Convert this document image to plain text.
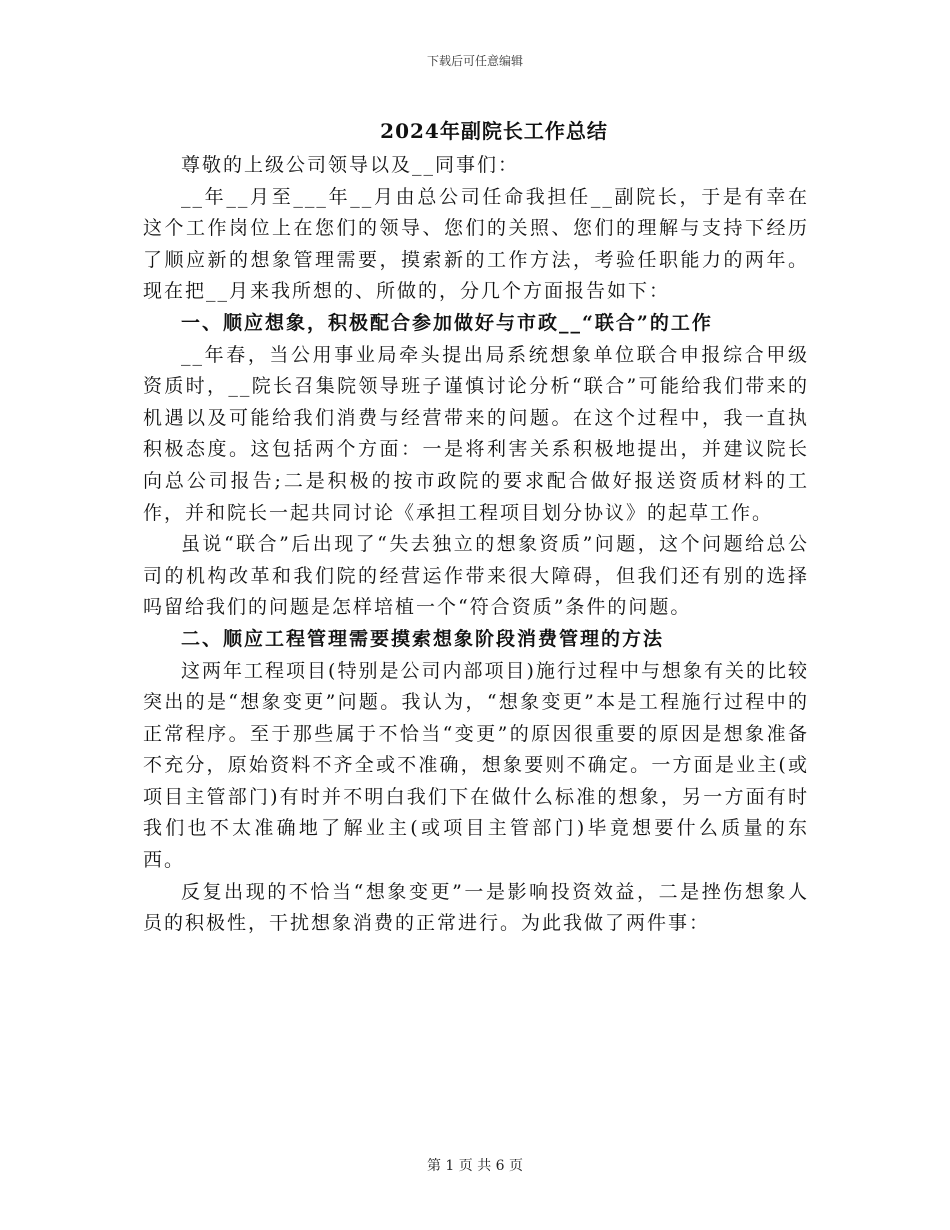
下载后可任意编辑
2024年副院长工作总结

尊敬的上级公司领导以及__同事们：

__年__月至___年__月由总公司任命我担任__副院长，于是有幸在这个工作岗位上在您们的领导、您们的关照、您们的理解与支持下经历了顺应新的想象管理需要，摸索新的工作方法，考验任职能力的两年。现在把__月来我所想的、所做的，分几个方面报告如下：

一、顺应想象，积极配合参加做好与市政__“联合”的工作

__年春，当公用事业局牵头提出局系统想象单位联合申报综合甲级资质时，__院长召集院领导班子谨慎讨论分析“联合”可能给我们带来的机遇以及可能给我们消费与经营带来的问题。在这个过程中，我一直执积极态度。这包括两个方面：一是将利害关系积极地提出，并建议院长向总公司报告;二是积极的按市政院的要求配合做好报送资质材料的工作，并和院长一起共同讨论《承担工程项目划分协议》的起草工作。

虽说“联合”后出现了“失去独立的想象资质”问题，这个问题给总公司的机构改革和我们院的经营运作带来很大障碍，但我们还有别的选择吗留给我们的问题是怎样培植一个“符合资质”条件的问题。

二、顺应工程管理需要摸索想象阶段消费管理的方法

这两年工程项目(特别是公司内部项目)施行过程中与想象有关的比较突出的是“想象变更”问题。我认为，“想象变更”本是工程施行过程中的正常程序。至于那些属于不恰当“变更”的原因很重要的原因是想象准备不充分，原始资料不齐全或不准确，想象要则不确定。一方面是业主(或项目主管部门)有时并不明白我们下在做什么标准的想象，另一方面有时我们也不太准确地了解业主(或项目主管部门)毕竟想要什么质量的东西。

反复出现的不恰当“想象变更”一是影响投资效益，二是挫伤想象人员的积极性，干扰想象消费的正常进行。为此我做了两件事：

第 1 页 共 6 页
